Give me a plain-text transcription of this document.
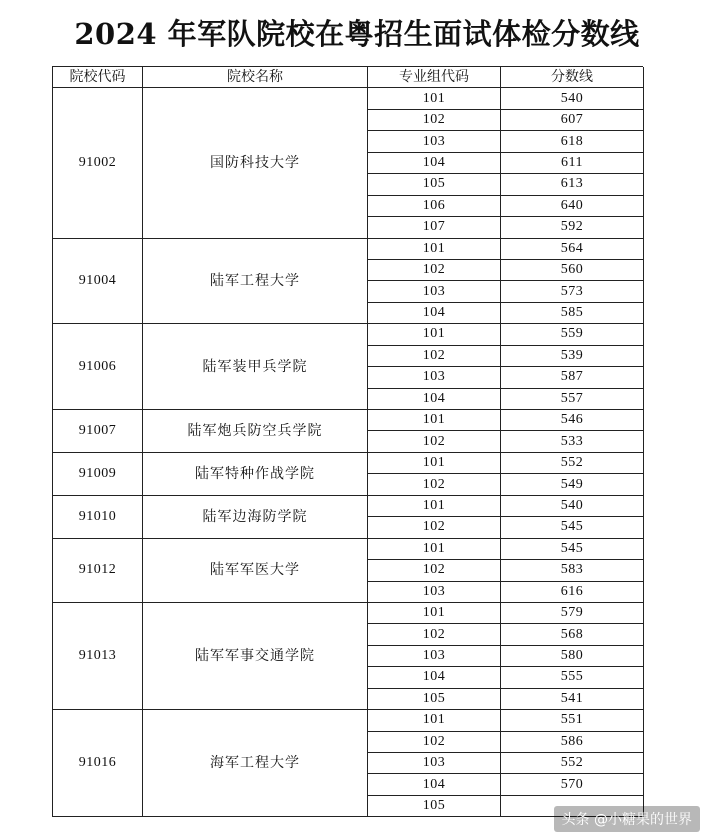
2024 年军队院校在粤招生面试体检分数线
院校代码	院校名称	专业组代码	分数线
91002	国防科技大学
101	540
102	607
103	618
104	611
105	613
106	640
107	592
91004	陆军工程大学
101	564
102	560
103	573
104	585
91006	陆军装甲兵学院
101	559
102	539
103	587
104	557
91007	陆军炮兵防空兵学院
101	546
102	533
91009	陆军特种作战学院
101	552
102	549
91010	陆军边海防学院
101	540
102	545
91012	陆军军医大学
101	545
102	583
103	616
91013	陆军军事交通学院
101	579
102	568
103	580
104	555
105	541
91016	海军工程大学
101	551
102	586
103	552
104	570
105
头条 @小糖果的世界
